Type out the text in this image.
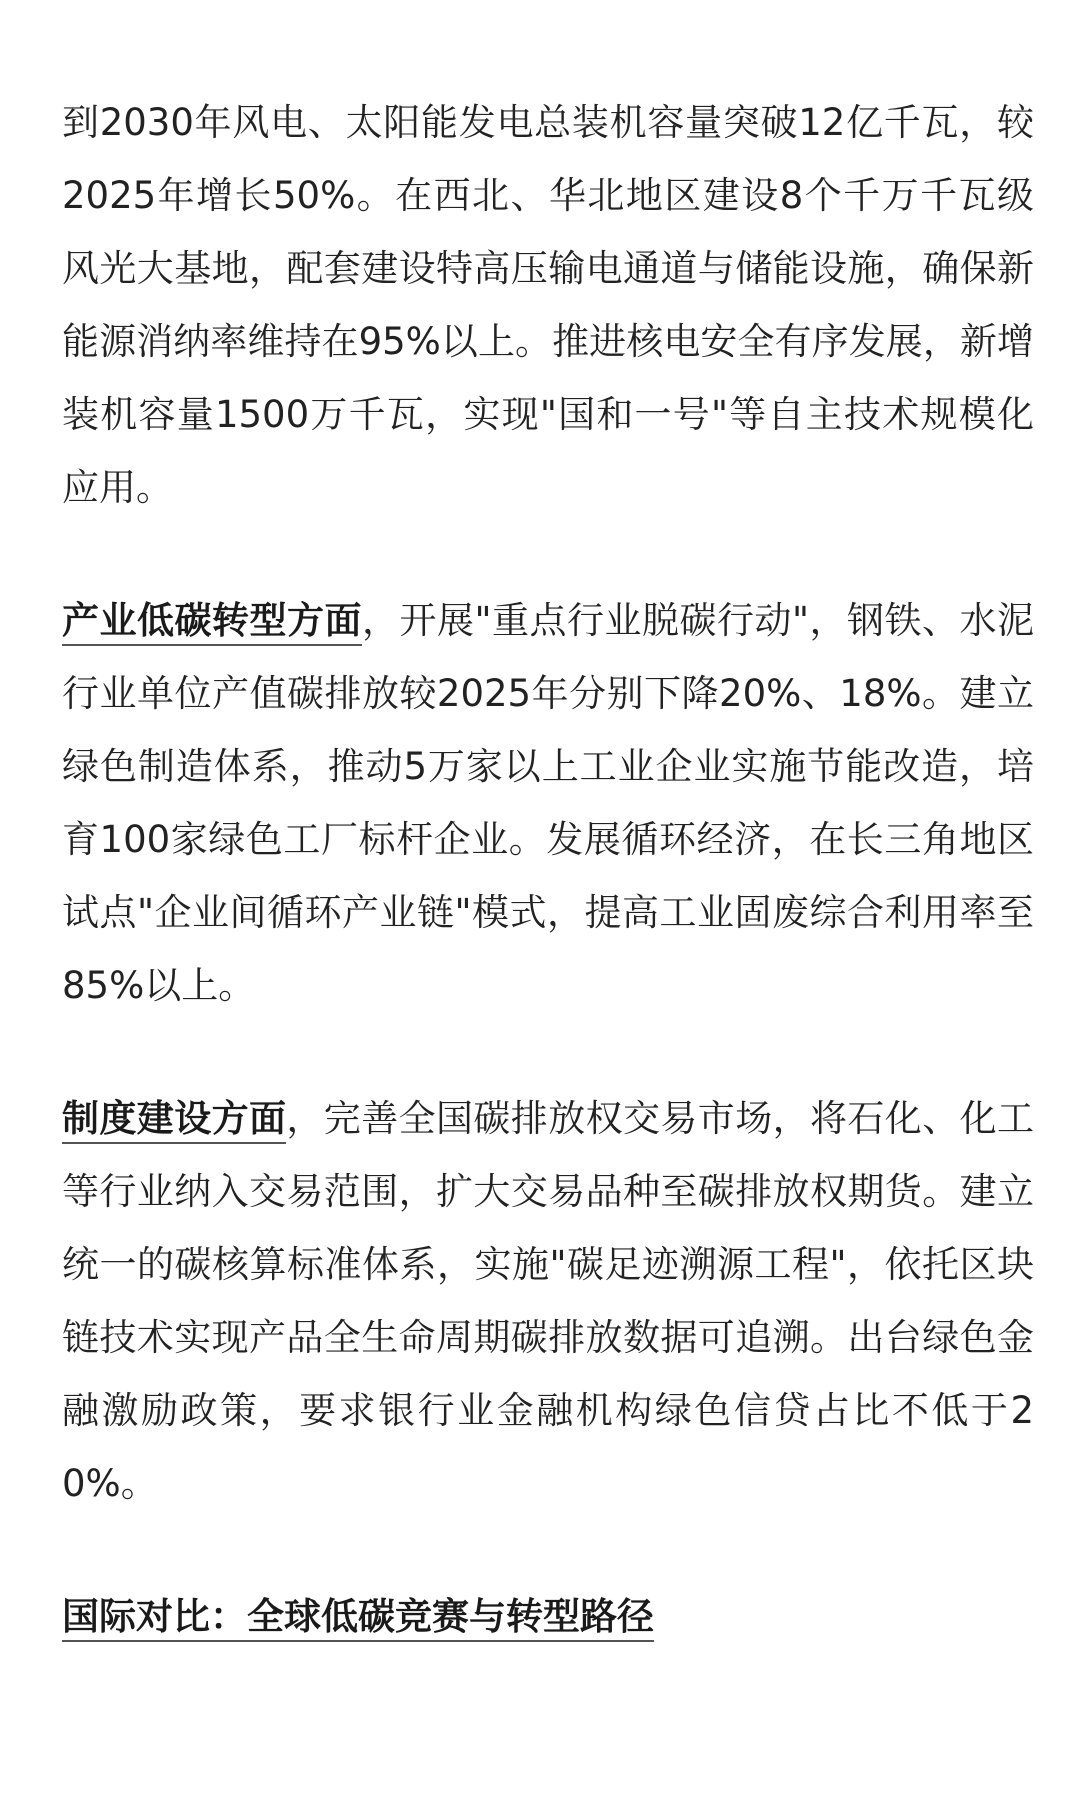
到2030年风电、太阳能发电总装机容量突破12亿千瓦，较2025年增长50%。在西北、华北地区建设8个千万千瓦级风光大基地，配套建设特高压输电通道与储能设施，确保新能源消纳率维持在95%以上。推进核电安全有序发展，新增装机容量1500万千瓦，实现"国和一号"等自主技术规模化应用。

产业低碳转型方面，开展"重点行业脱碳行动"，钢铁、水泥行业单位产值碳排放较2025年分别下降20%、18%。建立绿色制造体系，推动5万家以上工业企业实施节能改造，培育100家绿色工厂标杆企业。发展循环经济，在长三角地区试点"企业间循环产业链"模式，提高工业固废综合利用率至85%以上。

制度建设方面，完善全国碳排放权交易市场，将石化、化工等行业纳入交易范围，扩大交易品种至碳排放权期货。建立统一的碳核算标准体系，实施"碳足迹溯源工程"，依托区块链技术实现产品全生命周期碳排放数据可追溯。出台绿色金融激励政策，要求银行业金融机构绿色信贷占比不低于20%。

国际对比：全球低碳竞赛与转型路径
